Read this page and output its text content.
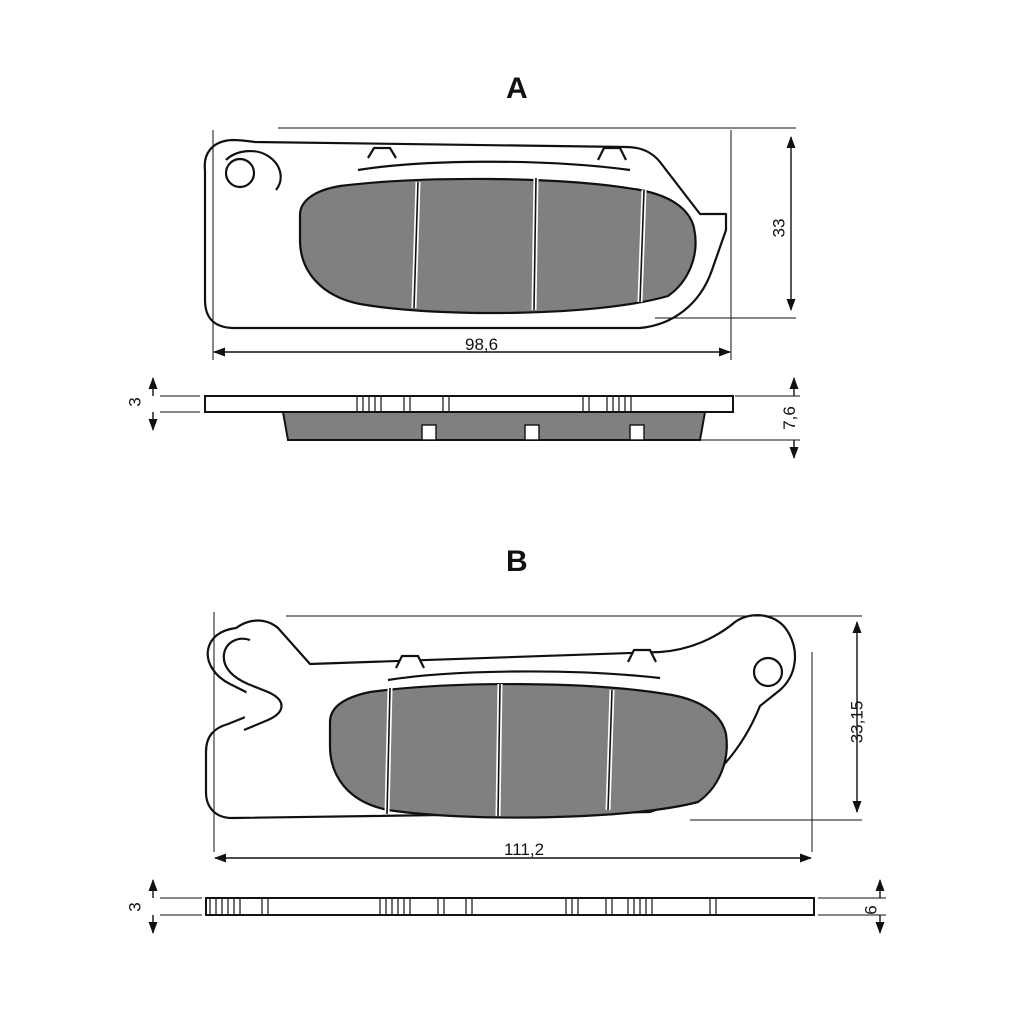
A
B
98,6
33
3
7,6
111,2
33,15
3	6
